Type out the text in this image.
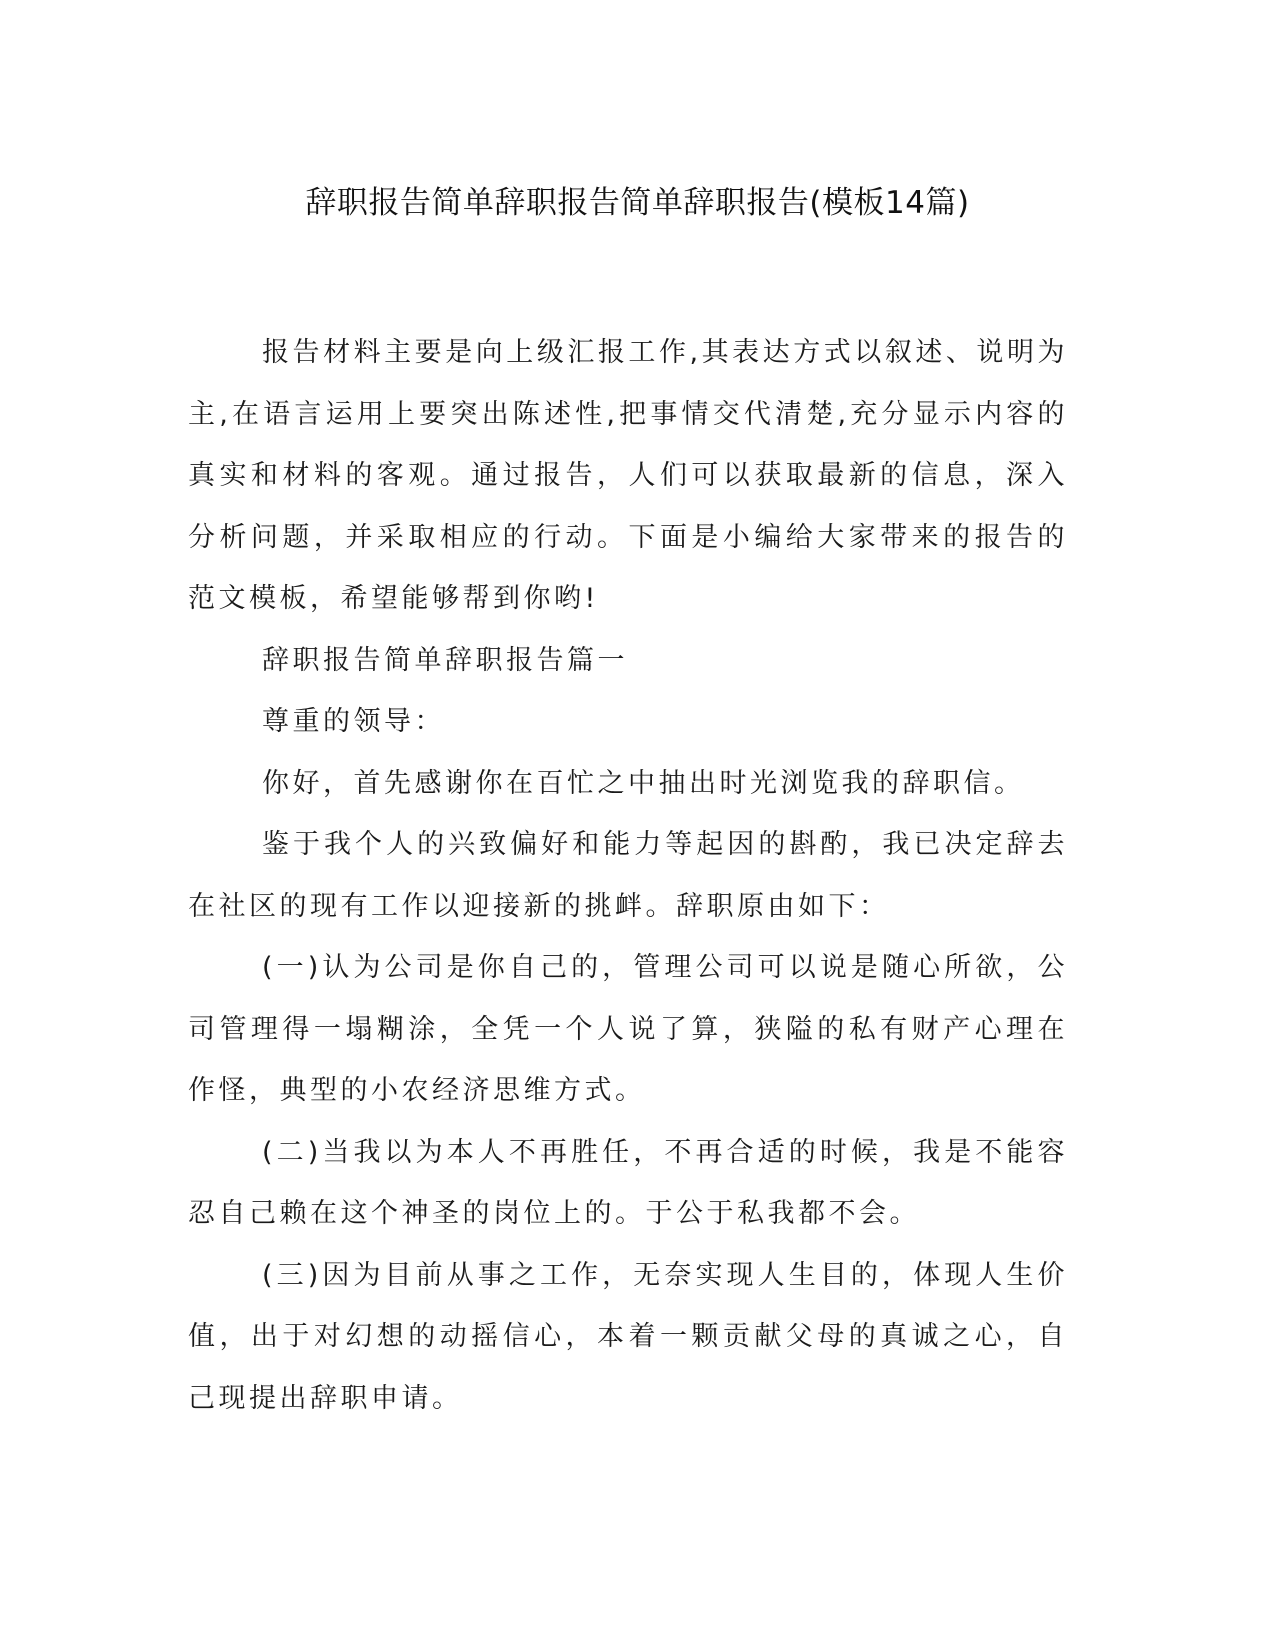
辞职报告简单辞职报告简单辞职报告(模板14篇)

报告材料主要是向上级汇报工作,其表达方式以叙述、说明为主,在语言运用上要突出陈述性,把事情交代清楚,充分显示内容的真实和材料的客观。通过报告，人们可以获取最新的信息，深入分析问题，并采取相应的行动。下面是小编给大家带来的报告的范文模板，希望能够帮到你哟!

辞职报告简单辞职报告篇一

尊重的领导：

你好，首先感谢你在百忙之中抽出时光浏览我的辞职信。

鉴于我个人的兴致偏好和能力等起因的斟酌，我已决定辞去在社区的现有工作以迎接新的挑衅。辞职原由如下：

(一)认为公司是你自己的，管理公司可以说是随心所欲，公司管理得一塌糊涂，全凭一个人说了算，狭隘的私有财产心理在作怪，典型的小农经济思维方式。

(二)当我以为本人不再胜任，不再合适的时候，我是不能容忍自己赖在这个神圣的岗位上的。于公于私我都不会。

(三)因为目前从事之工作，无奈实现人生目的，体现人生价值，出于对幻想的动摇信心，本着一颗贡献父母的真诚之心，自己现提出辞职申请。
